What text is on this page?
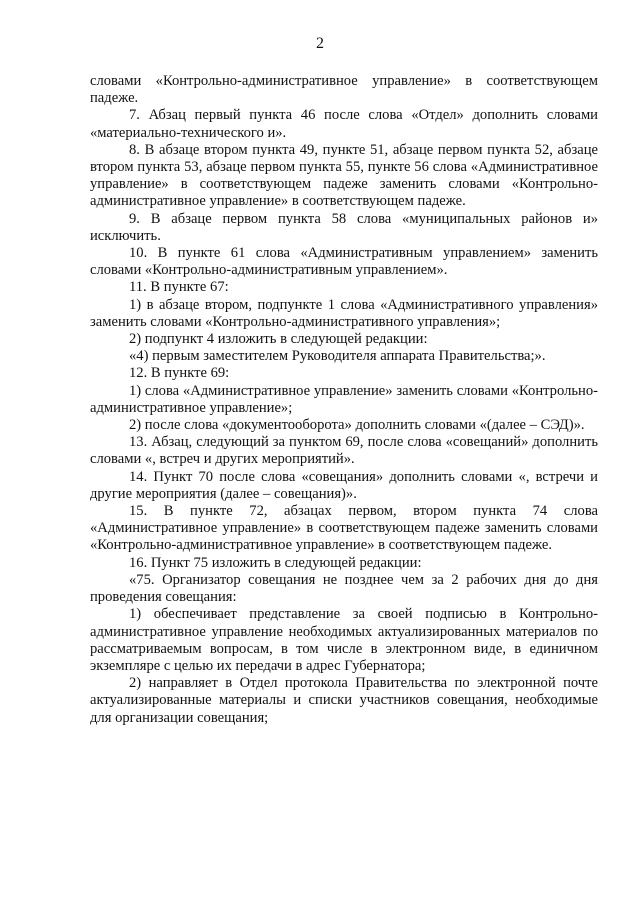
2

словами «Контрольно-административное управление» в соответствующем падеже.

7. Абзац первый пункта 46 после слова «Отдел» дополнить словами «материально-технического и».

8. В абзаце втором пункта 49, пункте 51, абзаце первом пункта 52, абзаце втором пункта 53, абзаце первом пункта 55, пункте 56 слова «Административное управление» в соответствующем падеже заменить словами «Контрольно-административное управление» в соответствующем падеже.

9. В абзаце первом пункта 58 слова «муниципальных районов и» исключить.

10. В пункте 61 слова «Административным управлением» заменить словами «Контрольно-административным управлением».

11. В пункте 67:

1) в абзаце втором, подпункте 1 слова «Административного управления» заменить словами «Контрольно-административного управления»;

2) подпункт 4 изложить в следующей редакции:

«4) первым заместителем Руководителя аппарата Правительства;».

12. В пункте 69:

1) слова «Административное управление» заменить словами «Контрольно-административное управление»;

2) после слова «документооборота» дополнить словами «(далее – СЭД)».

13. Абзац, следующий за пунктом 69, после слова «совещаний» дополнить словами «, встреч и других мероприятий».

14. Пункт 70 после слова «совещания» дополнить словами «, встречи и другие мероприятия (далее – совещания)».

15. В пункте 72, абзацах первом, втором пункта 74 слова «Административное управление» в соответствующем падеже заменить словами «Контрольно-административное управление» в соответствующем падеже.

16. Пункт 75 изложить в следующей редакции:

«75. Организатор совещания не позднее чем за 2 рабочих дня до дня проведения совещания:

1) обеспечивает представление за своей подписью в Контрольно-административное управление необходимых актуализированных материалов по рассматриваемым вопросам, в том числе в электронном виде, в единичном экземпляре с целью их передачи в адрес Губернатора;

2) направляет в Отдел протокола Правительства по электронной почте актуализированные материалы и списки участников совещания, необходимые для организации совещания;
